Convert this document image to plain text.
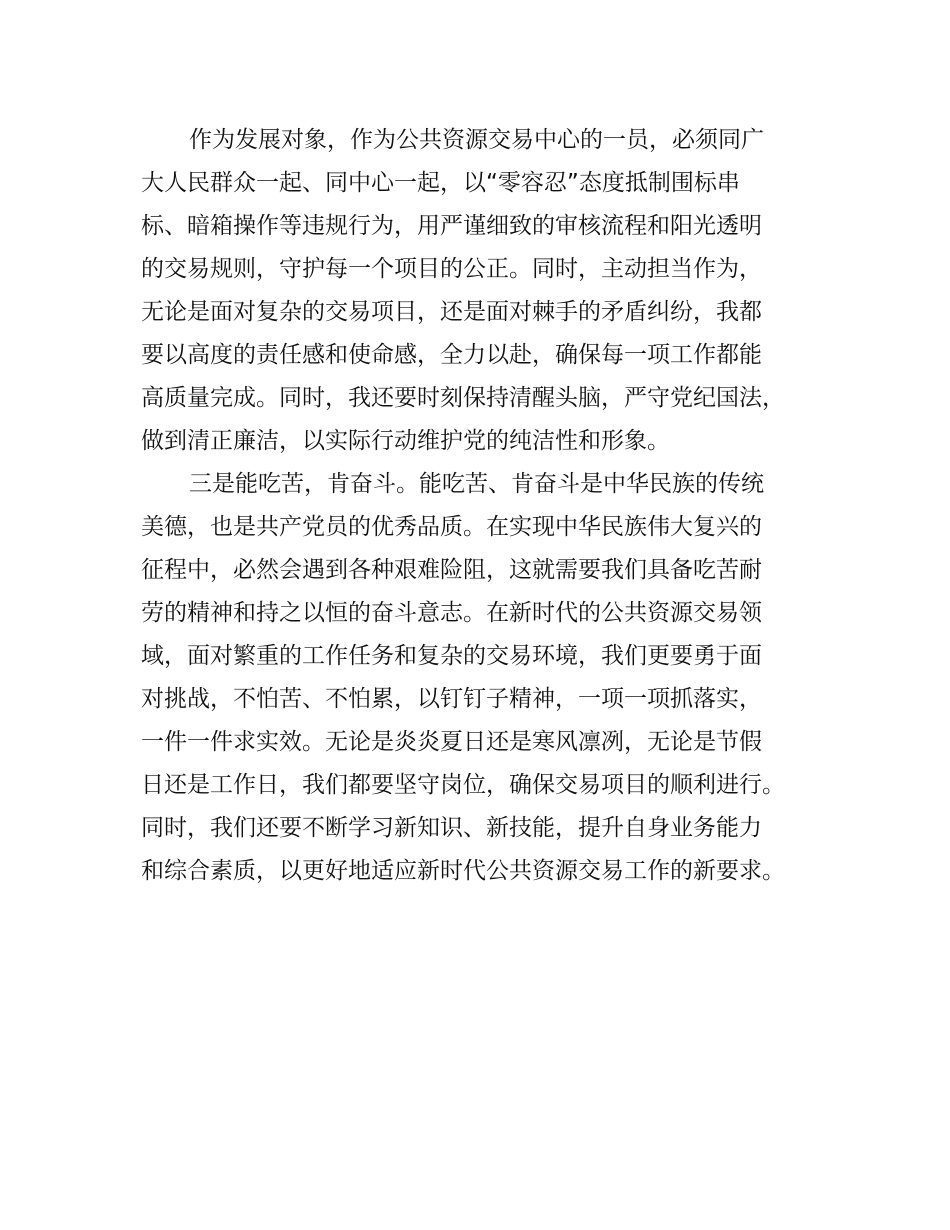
作为发展对象，作为公共资源交易中心的一员，必须同广
大人民群众一起、同中心一起，以“零容忍”态度抵制围标串
标、暗箱操作等违规行为，用严谨细致的审核流程和阳光透明
的交易规则，守护每一个项目的公正。同时，主动担当作为，
无论是面对复杂的交易项目，还是面对棘手的矛盾纠纷，我都
要以高度的责任感和使命感，全力以赴，确保每一项工作都能
高质量完成。同时，我还要时刻保持清醒头脑，严守党纪国法，
做到清正廉洁，以实际行动维护党的纯洁性和形象。
三是能吃苦，肯奋斗。能吃苦、肯奋斗是中华民族的传统
美德，也是共产党员的优秀品质。在实现中华民族伟大复兴的
征程中，必然会遇到各种艰难险阻，这就需要我们具备吃苦耐
劳的精神和持之以恒的奋斗意志。在新时代的公共资源交易领
域，面对繁重的工作任务和复杂的交易环境，我们更要勇于面
对挑战，不怕苦、不怕累，以钉钉子精神，一项一项抓落实，
一件一件求实效。无论是炎炎夏日还是寒风凛冽，无论是节假
日还是工作日，我们都要坚守岗位，确保交易项目的顺利进行。
同时，我们还要不断学习新知识、新技能，提升自身业务能力
和综合素质，以更好地适应新时代公共资源交易工作的新要求。
